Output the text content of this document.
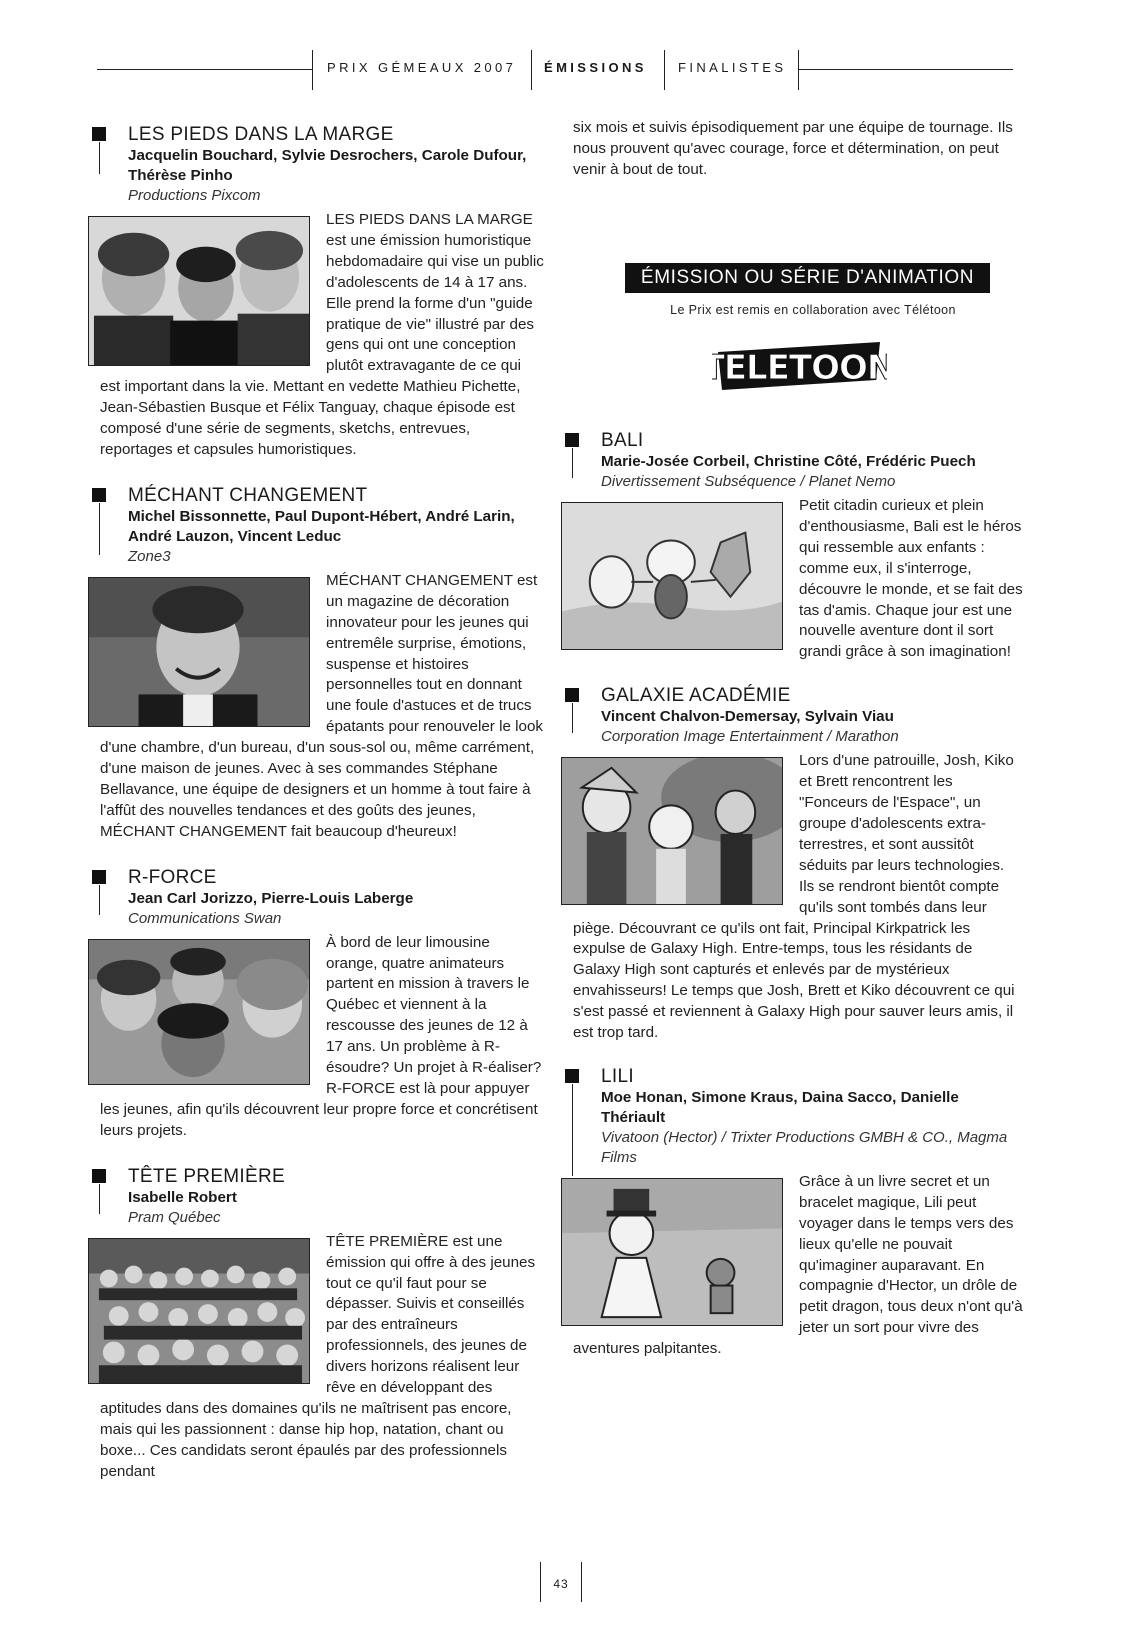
PRIX GÉMEAUX 2007 ÉMISSIONS FINALISTES
LES PIEDS DANS LA MARGE
Jacquelin Bouchard, Sylvie Desrochers, Carole Dufour, Thérèse Pinho
Productions Pixcom
LES PIEDS DANS LA MARGE est une émission humoristique hebdomadaire qui vise un public d'adolescents de 14 à 17 ans. Elle prend la forme d'un "guide pratique de vie" illustré par des gens qui ont une conception plutôt extravagante de ce qui est important dans la vie. Mettant en vedette Mathieu Pichette, Jean-Sébastien Busque et Félix Tanguay, chaque épisode est composé d'une série de segments, sketchs, entrevues, reportages et capsules humoristiques.
MÉCHANT CHANGEMENT
Michel Bissonnette, Paul Dupont-Hébert, André Larin, André Lauzon, Vincent Leduc
Zone3
MÉCHANT CHANGEMENT est un magazine de décoration innovateur pour les jeunes qui entremêle surprise, émotions, suspense et histoires personnelles tout en donnant une foule d'astuces et de trucs épatants pour renouveler le look d'une chambre, d'un bureau, d'un sous-sol ou, même carrément, d'une maison de jeunes. Avec à ses commandes Stéphane Bellavance, une équipe de designers et un homme à tout faire à l'affût des nouvelles tendances et des goûts des jeunes, MÉCHANT CHANGEMENT fait beaucoup d'heureux!
R-FORCE
Jean Carl Jorizzo, Pierre-Louis Laberge
Communications Swan
À bord de leur limousine orange, quatre animateurs partent en mission à travers le Québec et viennent à la rescousse des jeunes de 12 à 17 ans. Un problème à R-ésoudre? Un projet à R-éaliser? R-FORCE est là pour appuyer les jeunes, afin qu'ils découvrent leur propre force et concrétisent leurs projets.
TÊTE PREMIÈRE
Isabelle Robert
Pram Québec
TÊTE PREMIÈRE est une émission qui offre à des jeunes tout ce qu'il faut pour se dépasser. Suivis et conseillés par des entraîneurs professionnels, des jeunes de divers horizons réalisent leur rêve en développant des aptitudes dans des domaines qu'ils ne maîtrisent pas encore, mais qui les passionnent : danse hip hop, natation, chant ou boxe... Ces candidats seront épaulés par des professionnels pendant
six mois et suivis épisodiquement par une équipe de tournage. Ils nous prouvent qu'avec courage, force et détermination, on peut venir à bout de tout.
ÉMISSION OU SÉRIE D'ANIMATION
Le Prix est remis en collaboration avec Télétoon
TELETOON
BALI
Marie-Josée Corbeil, Christine Côté, Frédéric Puech
Divertissement Subséquence / Planet Nemo
Petit citadin curieux et plein d'enthousiasme, Bali est le héros qui ressemble aux enfants : comme eux, il s'interroge, découvre le monde, et se fait des tas d'amis. Chaque jour est une nouvelle aventure dont il sort grandi grâce à son imagination!
GALAXIE ACADÉMIE
Vincent Chalvon-Demersay, Sylvain Viau
Corporation Image Entertainment / Marathon
Lors d'une patrouille, Josh, Kiko et Brett rencontrent les "Fonceurs de l'Espace", un groupe d'adolescents extra-terrestres, et sont aussitôt séduits par leurs technologies. Ils se rendront bientôt compte qu'ils sont tombés dans leur piège. Découvrant ce qu'ils ont fait, Principal Kirkpatrick les expulse de Galaxy High. Entre-temps, tous les résidants de Galaxy High sont capturés et enlevés par de mystérieux envahisseurs! Le temps que Josh, Brett et Kiko découvrent ce qui s'est passé et reviennent à Galaxy High pour sauver leurs amis, il est trop tard.
LILI
Moe Honan, Simone Kraus, Daina Sacco, Danielle Thériault
Vivatoon (Hector) / Trixter Productions GMBH & CO., Magma Films
Grâce à un livre secret et un bracelet magique, Lili peut voyager dans le temps vers des lieux qu'elle ne pouvait qu'imaginer auparavant. En compagnie d'Hector, un drôle de petit dragon, tous deux n'ont qu'à jeter un sort pour vivre des aventures palpitantes.
43
